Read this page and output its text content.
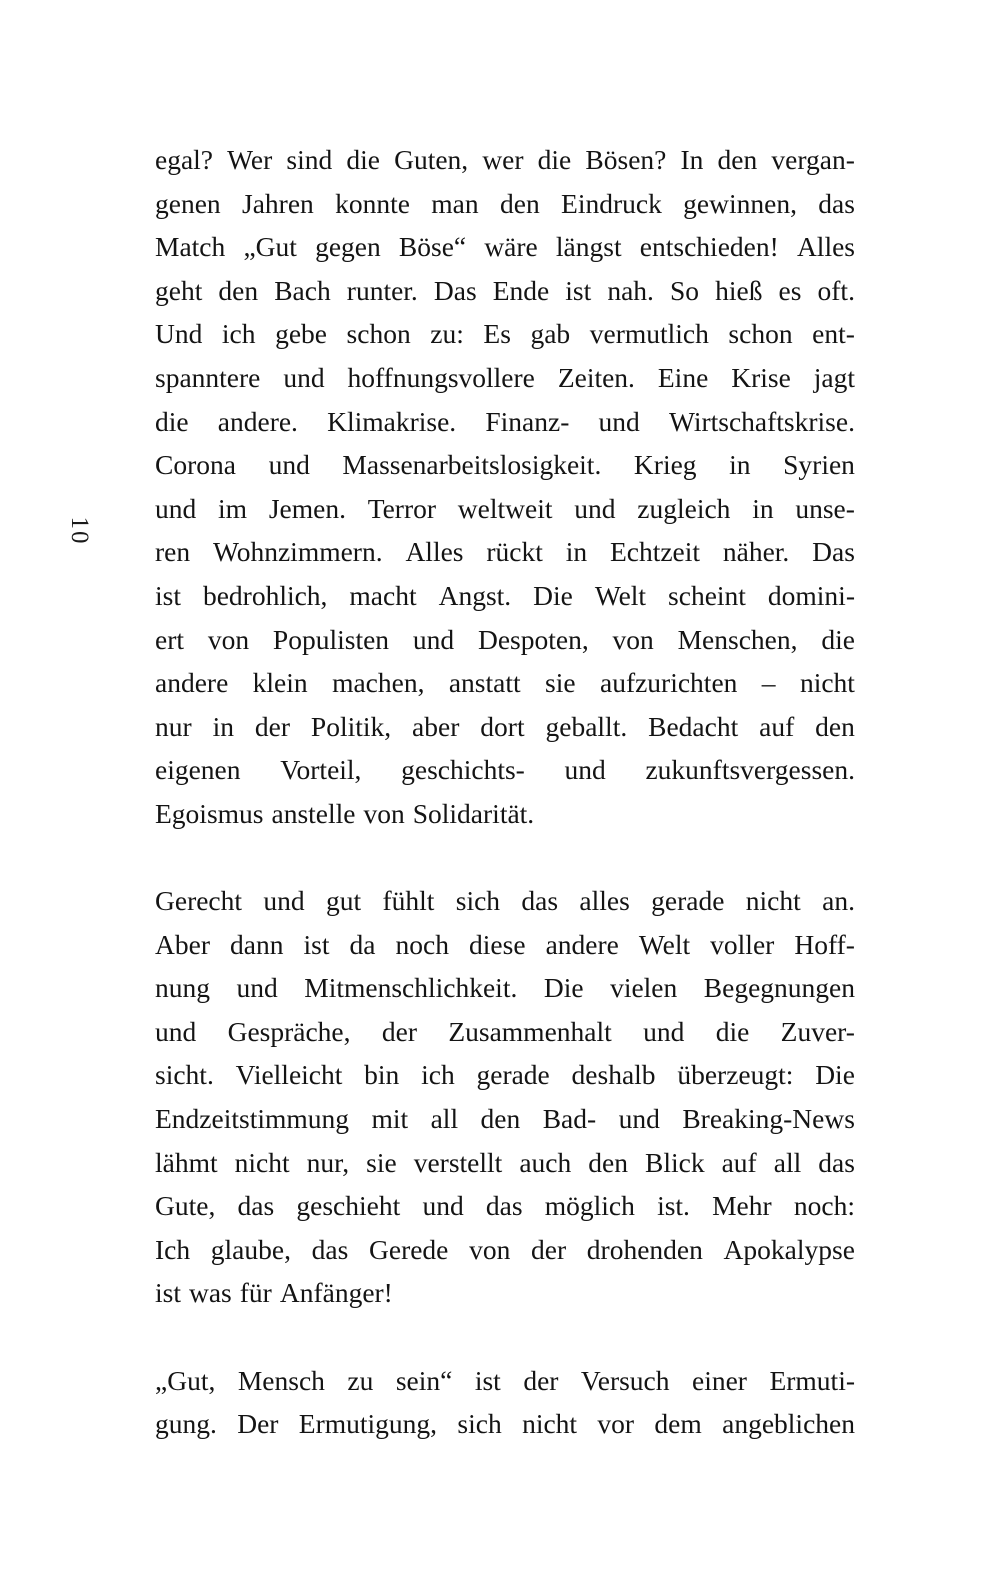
10
egal? Wer sind die Guten, wer die Bösen? In den vergan-
genen Jahren konnte man den Eindruck gewinnen, das
Match „Gut gegen Böse“ wäre längst entschieden! Alles
geht den Bach runter. Das Ende ist nah. So hieß es oft.
Und ich gebe schon zu: Es gab vermutlich schon ent-
spanntere und hoffnungsvollere Zeiten. Eine Krise jagt
die andere. Klimakrise. Finanz- und Wirtschaftskrise.
Corona und Massenarbeitslosigkeit. Krieg in Syrien
und im Jemen. Terror weltweit und zugleich in unse-
ren Wohnzimmern. Alles rückt in Echtzeit näher. Das
ist bedrohlich, macht Angst. Die Welt scheint domini-
ert von Populisten und Despoten, von Menschen, die
andere klein machen, anstatt sie aufzurichten – nicht
nur in der Politik, aber dort geballt. Bedacht auf den
eigenen Vorteil, geschichts- und zukunftsvergessen.
Egoismus anstelle von Solidarität.
Gerecht und gut fühlt sich das alles gerade nicht an.
Aber dann ist da noch diese andere Welt voller Hoff-
nung und Mitmenschlichkeit. Die vielen Begegnungen
und Gespräche, der Zusammenhalt und die Zuver-
sicht. Vielleicht bin ich gerade deshalb überzeugt: Die
Endzeitstimmung mit all den Bad- und Breaking-News
lähmt nicht nur, sie verstellt auch den Blick auf all das
Gute, das geschieht und das möglich ist. Mehr noch:
Ich glaube, das Gerede von der drohenden Apokalypse
ist was für Anfänger!
„Gut, Mensch zu sein“ ist der Versuch einer Ermuti-
gung. Der Ermutigung, sich nicht vor dem angeblichen
